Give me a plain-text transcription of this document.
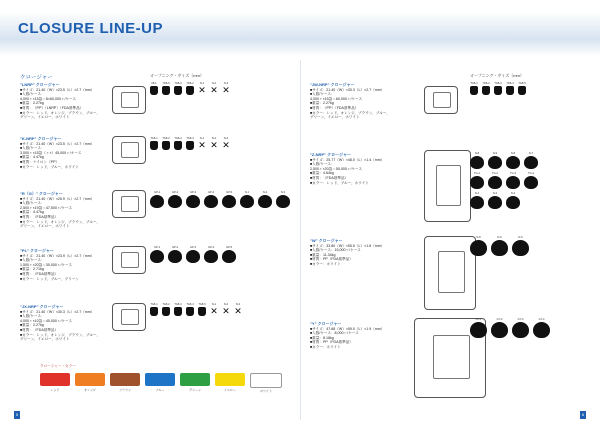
CLOSURE LINE-UP
クロージャー	オープニング・サイズ（mm）	オープニング・サイズ（mm）
"LNRP" クロージャー
■サイズ：21.40（W）×23.5（L）×2.7（mm）
■入数/ケース：
4,000ヶ×15袋＝6×60,000ヶ/ケース
■重量：2.27kg
■材質：（PP）（LNRP）（FDA基準品）
■カラー：レッド、オレンジ、ブラウン、ブルー、
グリーン、イエロー、ホワイト
08-1 TG8-5 TG8-6 TG8-2 N-1
✕
N-2
✕
N-3
✕
"K-NRP" クロージャー
■サイズ：21.40（W）×23.5（L）×2.7（mm）
■入数/ケース：
3,000ヶ×15袋（ヶ×）45,000ヶ/ケース
■重量：4.47kg
■材質：ナイロン（PP）
■カラー：レッド、ブルー、ホワイト
TG8-1 TG8-2 TG8-3 TG8-4 N-1
✕
N-2
✕
N-3
✕
"R（G）" クロージャー
■サイズ：21.40（W）×25.9（L）×2.7（mm）
■入数/ケース：
2,500ヶ×19袋＝47,500ヶ/ケース
■重量：4.47kg
■材質：（FDA基準品）
■カラー：レッド、オレンジ、ブラウン、ブルー、
グリーン、イエロー、ホワイト
GP-1	GP-2	GP-3	GP-4	GP-5	N-1	N-2	N-3
"PL" クロージャー
■サイズ：21.40（W）×23.9（L）×2.7（mm）
■入数/ケース：
1,500ヶ×20袋＝30,000ヶ/ケース
■重量：2.71kg
■材質：（FDA基準品）
■カラー：レッド、ブルー、グリーン
GP-1	GP-2	GP-3	GP-4	GP-5
"JX-NRP" クロージャー
■サイズ：21.40（W）×30.3（L）×2.7（mm）
■入数/ケース：
4,000ヶ×10袋＝40,000ヶ/ケース
■重量：2.27kg
■材質：（FDA基準品）
■カラー：レッド、オレンジ、ブラウン、ブルー、
グリーン、イエロー、ホワイト
TG8-1 TG8-2 TG8-3 TG8-4 TG8-5 N-1
✕
N-2
✕
N-3
✕
"JW-NRP" クロージャー
■サイズ：21.40（W）×30.3（L）×2.7（mm）
■入数/ケース：
4,000ヶ×15袋＝60,000ヶ/ケース
■重量：2.27kg
■材質：（PP）（FDA基準品）
■カラー：レッド、オレンジ、ブラウン、ブルー、
グリーン、イエロー、ホワイト
TG8-1 TG8-2 TG8-3 TG8-4 TG8-5
"Z-NRP" クロージャー
■サイズ：25.77（W）×48.0（L）×1.4（mm）
■入数/ケース：
2,500ヶ×20袋＝50,000ヶ/ケース
■重量：4.64kg
■材質：（FDA基準品）
■カラー：レッド、ブルー、ホワイト
N-8	N-9	N-8	N-7
TG-1	TG-2	TG-3	TG-4
N-1	N-2	N-3
"W" クロージャー
■サイズ：33.80（W）×55.5（L）×1.8（mm）
■入数/ケース：15,000ヶ/ケース
■重量：11.34kg
■材質：PP（FDA基準品）
■カラー：ホワイト
N-8	N-9	N-6
"Y" クロージャー
■サイズ：47.68（W）×59.0（L）×1.9（mm）
■入数/ケース：8,000ヶ/ケース
■重量：8.18kg
■材質：PP（FDA基準品）
■カラー：ホワイト
GY-1	GY-2	GY-3	GY-4
クロージャー・カラー
レッド	オレンジ	ブラウン	ブルー	グリーン	イエロー	ホワイト
5	6
